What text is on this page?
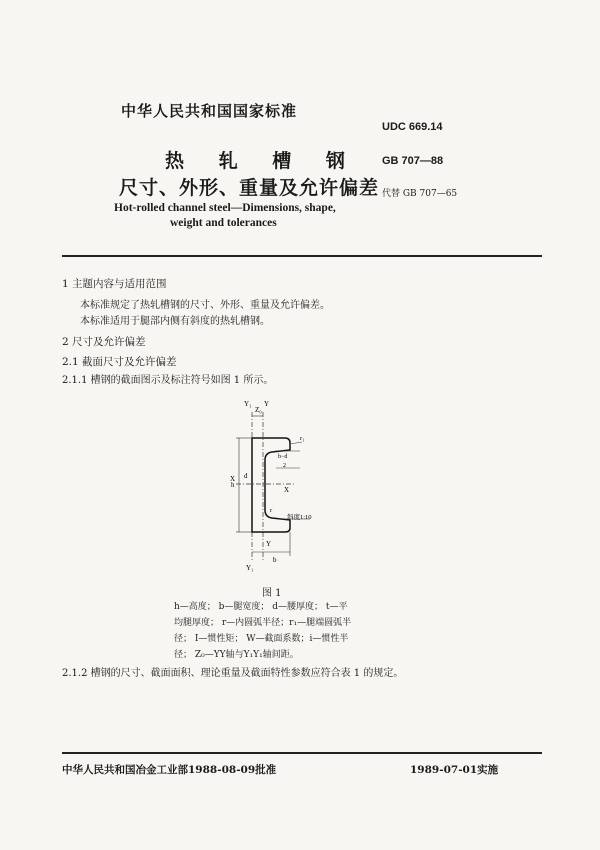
中华人民共和国国家标准
UDC 669.14
GB 707—88
代替 GB 707—65
热 轧 槽 钢
尺寸、外形、重量及允许偏差
Hot-rolled channel steel—Dimensions, shape,
weight and tolerances
1 主题内容与适用范围
本标准规定了热轧槽钢的尺寸、外形、重量及允许偏差。
本标准适用于腿部内侧有斜度的热轧槽钢。
2 尺寸及允许偏差
2.1 截面尺寸及允许偏差
2.1.1 槽钢的截面图示及标注符号如图 1 所示。
Y₁
Z₀
Y
r₁
b−d
2
d
h
X
X
r
斜度1:10
Y
Y₁
b
图 1
h—高度； b—腿宽度； d—腰厚度； t—平
均腿厚度； r—内圆弧半径；r₁—腿端圆弧半
径； I—惯性矩； W—截面系数；i—惯性半
径； Z₀—YY轴与Y₁Y₁轴间距。
2.1.2 槽钢的尺寸、截面面积、理论重量及截面特性参数应符合表 1 的规定。
中华人民共和国冶金工业部1988-08-09批准	1989-07-01实施
